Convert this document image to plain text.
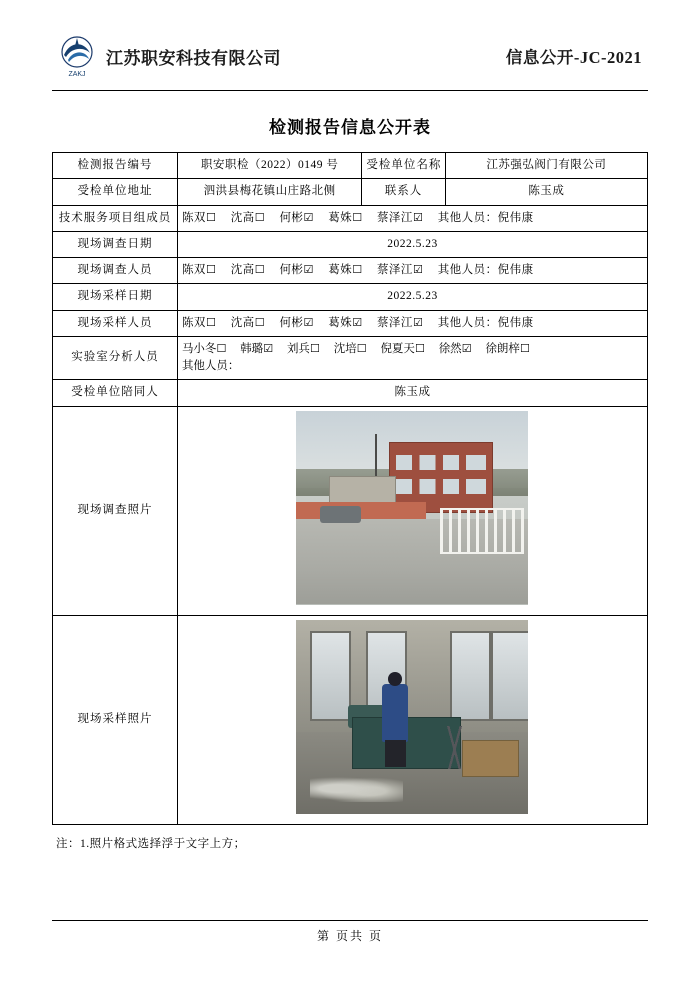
ZAKJ
江苏职安科技有限公司	信息公开-JC-2021
检测报告信息公开表
检测报告编号	职安职检（2022）0149 号	受检单位名称	江苏强弘阀门有限公司
受检单位地址	泗洪县梅花镇山庄路北侧	联系人	陈玉成
技术服务项目组成员	陈双☐ 沈高☐ 何彬☑ 葛姝☐ 蔡泽江☑ 其他人员：倪伟康		
现场调查日期	2022.5.23		
现场调查人员	陈双☐ 沈高☐ 何彬☑ 葛姝☐ 蔡泽江☑ 其他人员：倪伟康		
现场采样日期	2022.5.23		
现场采样人员	陈双☐ 沈高☐ 何彬☑ 葛姝☑ 蔡泽江☑ 其他人员：倪伟康		
实验室分析人员	马小冬☐ 韩璐☑ 刘兵☐ 沈培☐ 倪夏天☐ 徐然☑ 徐朗梓☐
其他人员：		

受检单位陪同人	陈玉成		
现场调查照片			

现场采样照片			
注：1.照片格式选择浮于文字上方；
第 页共 页
